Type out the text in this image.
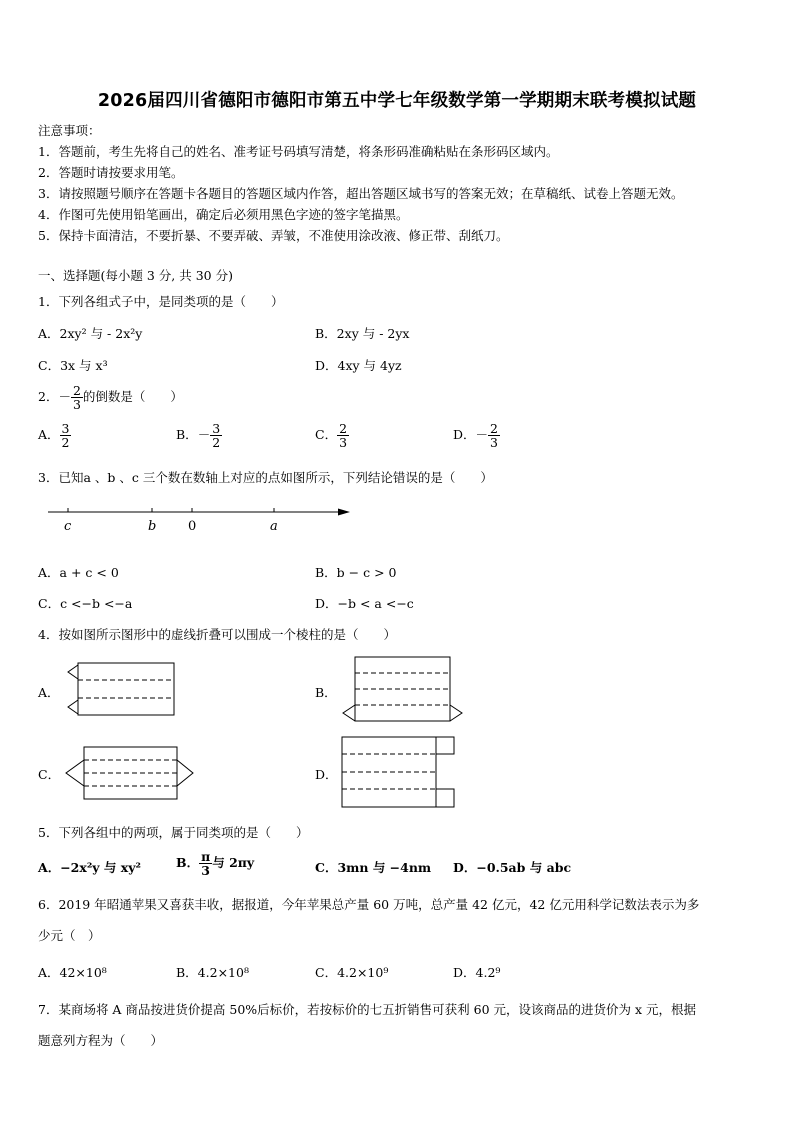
2026届四川省德阳市德阳市第五中学七年级数学第一学期期末联考模拟试题
注意事项：
1．答题前，考生先将自己的姓名、准考证号码填写清楚，将条形码准确粘贴在条形码区域内。
2．答题时请按要求用笔。
3．请按照题号顺序在答题卡各题目的答题区域内作答，超出答题区域书写的答案无效；在草稿纸、试卷上答题无效。
4．作图可先使用铅笔画出，确定后必须用黑色字迹的签字笔描黑。
5．保持卡面清洁，不要折暴、不要弄破、弄皱，不准使用涂改液、修正带、刮纸刀。
一、选择题(每小题 3 分, 共 30 分)
1．下列各组式子中，是同类项的是（　　）
A．2xy² 与 - 2x²y	B．2xy 与 - 2yx
C．3x 与 x³	D．4xy 与 4yz
2．－ $\frac{2}{3}$ 的倒数是（　　）
A． $\frac{3}{2}$	B．－ $\frac{3}{2}$	C． $\frac{2}{3}$	D．－ $\frac{2}{3}$
3．已知a 、b 、c 三个数在数轴上对应的点如图所示，下列结论错误的是（　　）
c	b 0	a
A．a + c < 0	B．b − c > 0
C．c <−b <−a	D．−b < a <−c
4．按如图所示图形中的虚线折叠可以围成一个棱柱的是（　　）
A．	B．
C．	D．
5．下列各组中的两项，属于同类项的是（　　）
A．−2x²y 与 xy²	B． $\frac{\pi}{3}$ 与 2πy	C．3mn 与 −4nm D．−0.5ab 与 abc
6．2019 年昭通苹果又喜获丰收，据报道，今年苹果总产量 60 万吨，总产量 42 亿元，42 亿元用科学记数法表示为多
少元（　）
A．42×10⁸	B．4.2×10⁸	C．4.2×10⁹	D．4.2⁹
7．某商场将 A 商品按进货价提高 50%后标价，若按标价的七五折销售可获利 60 元，设该商品的进货价为 x 元，根据
题意列方程为（　　）
